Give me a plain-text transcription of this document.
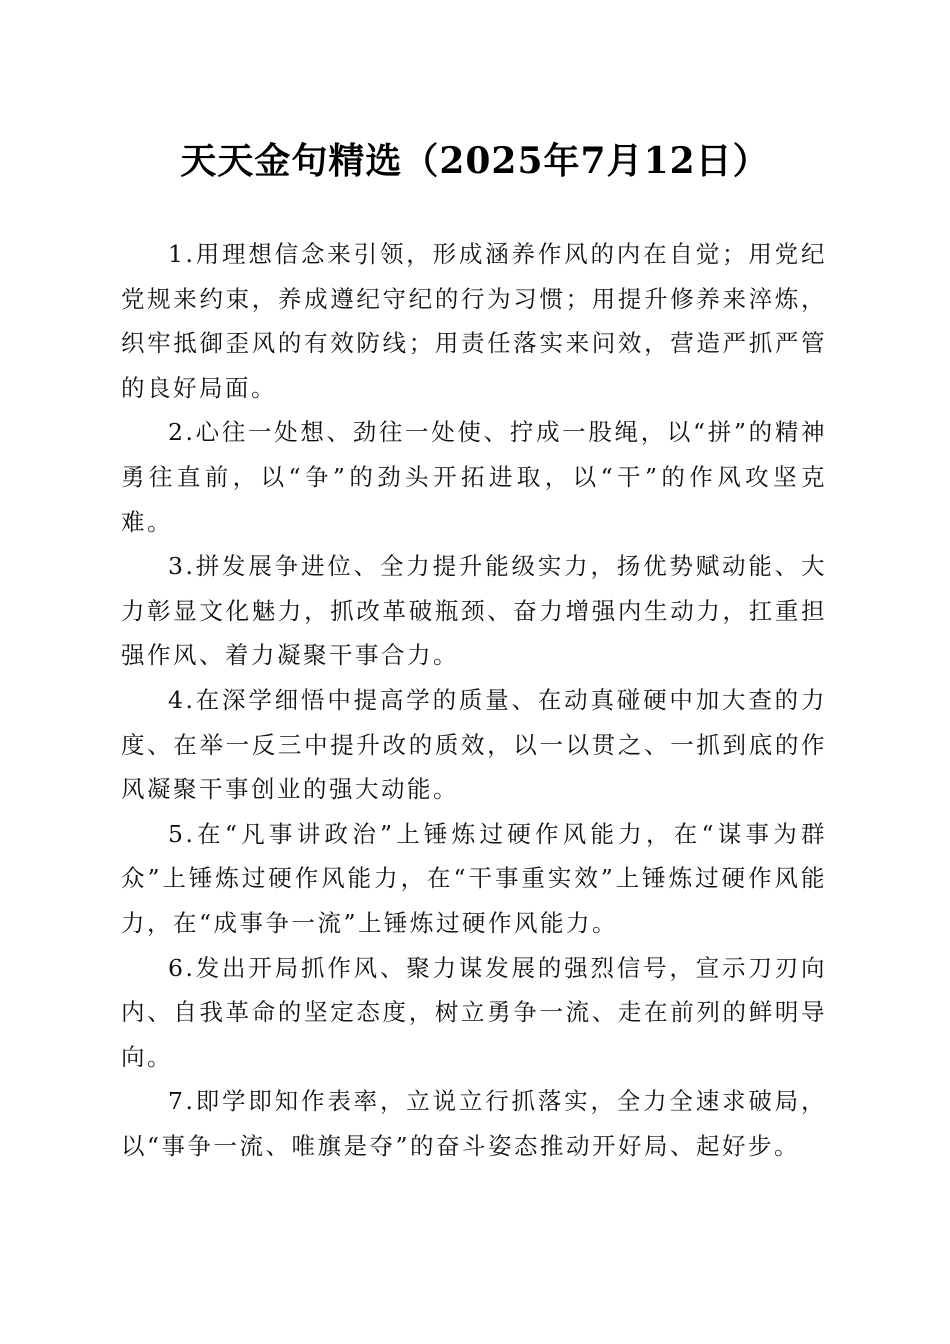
天天金句精选（2025年7月12日）

1.用理想信念来引领，形成涵养作风的内在自觉；用党纪党规来约束，养成遵纪守纪的行为习惯；用提升修养来淬炼，织牢抵御歪风的有效防线；用责任落实来问效，营造严抓严管的良好局面。

2.心往一处想、劲往一处使、拧成一股绳，以“拼”的精神勇往直前，以“争”的劲头开拓进取，以“干”的作风攻坚克难。

3.拼发展争进位、全力提升能级实力，扬优势赋动能、大力彰显文化魅力，抓改革破瓶颈、奋力增强内生动力，扛重担强作风、着力凝聚干事合力。

4.在深学细悟中提高学的质量、在动真碰硬中加大查的力度、在举一反三中提升改的质效，以一以贯之、一抓到底的作风凝聚干事创业的强大动能。

5.在“凡事讲政治”上锤炼过硬作风能力，在“谋事为群众”上锤炼过硬作风能力，在“干事重实效”上锤炼过硬作风能力，在“成事争一流”上锤炼过硬作风能力。

6.发出开局抓作风、聚力谋发展的强烈信号，宣示刀刃向内、自我革命的坚定态度，树立勇争一流、走在前列的鲜明导向。

7.即学即知作表率，立说立行抓落实，全力全速求破局，以“事争一流、唯旗是夺”的奋斗姿态推动开好局、起好步。
